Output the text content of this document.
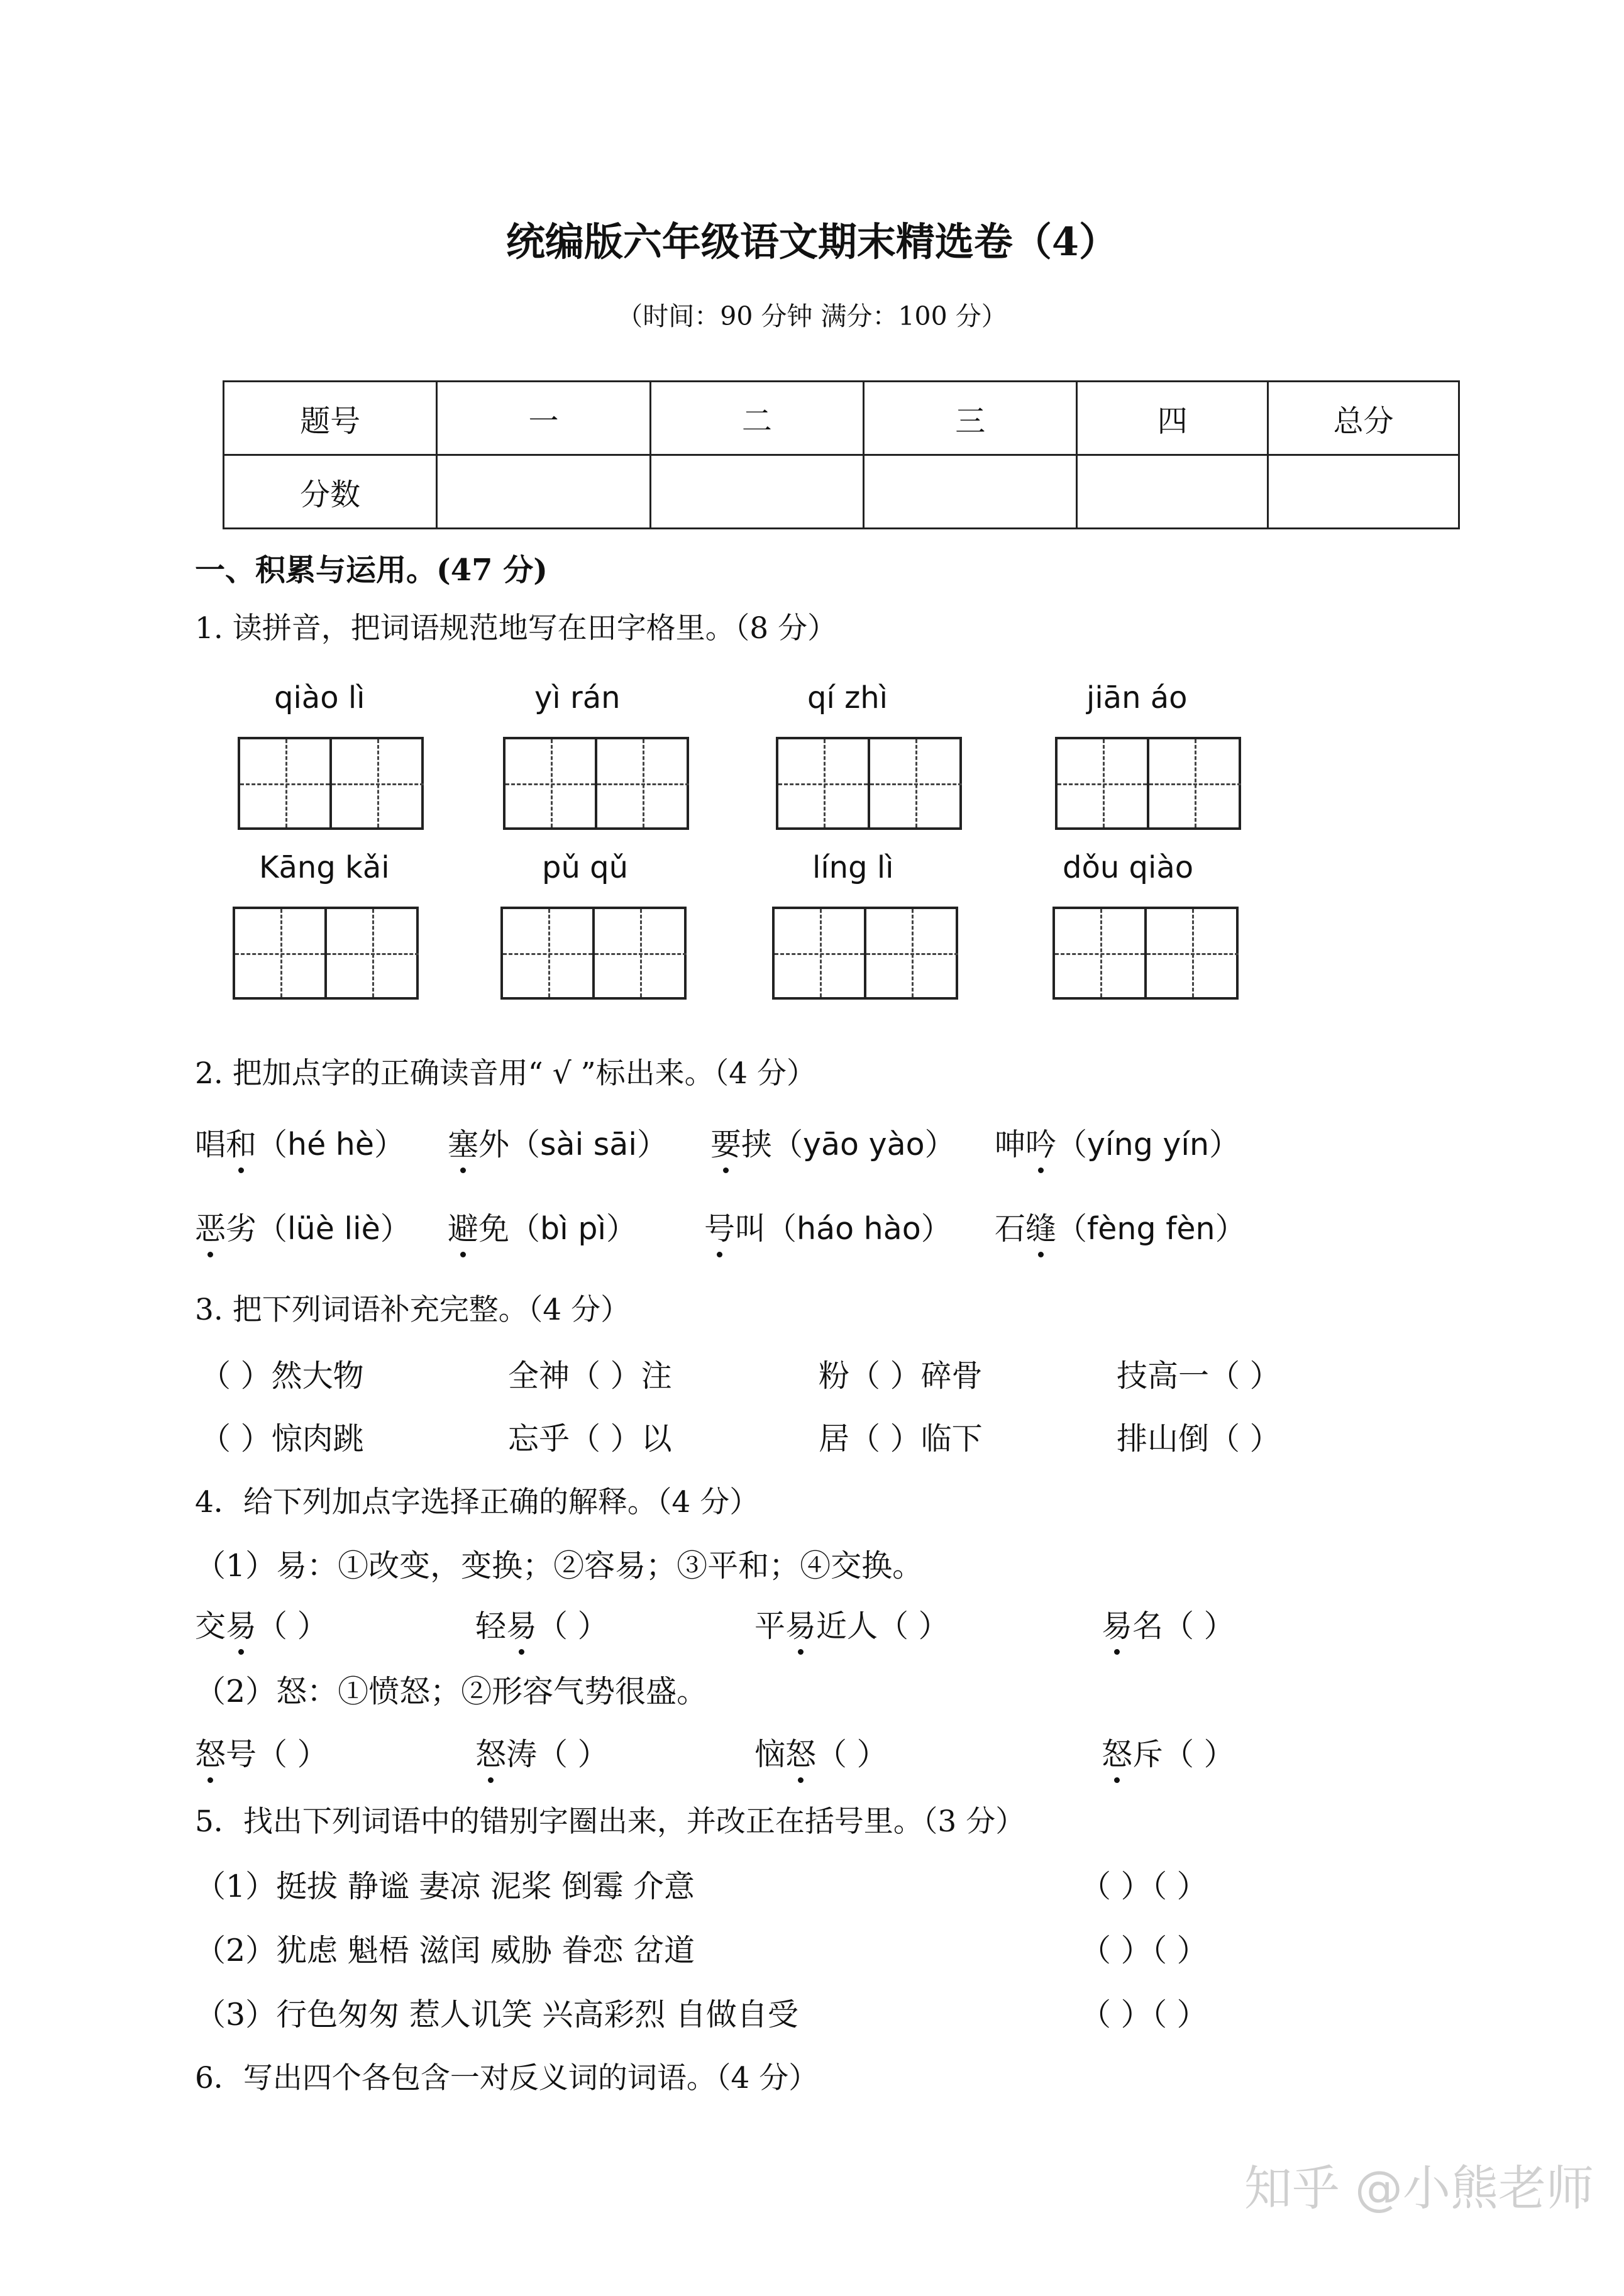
统编版六年级语文期末精选卷（4）
（时间：90 分钟 满分：100 分）
题号	一	二	三	四	总分
分数					
一、积累与运用。(47 分)
1. 读拼音，把词语规范地写在田字格里。（8 分）
qiào lì	yì rán	qí zhì	jiān áo
Kāng kǎi	pǔ qǔ	líng lì	dǒu qiào
2. 把加点字的正确读音用“ √ ”标出来。（4 分）
唱和（hé hè） 塞外（sài sāi） 要挟（yāo yào） 呻吟（yíng yín）
恶劣（lüè liè） 避免（bì pì） 号叫（háo hào） 石缝（fèng fèn）
3. 把下列词语补充完整。（4 分）
（ ）然大物	全神（ ）注	粉（ ）碎骨	技高一（ ）
（ ）惊肉跳	忘乎（ ）以	居（ ）临下	排山倒（ ）
4．给下列加点字选择正确的解释。（4 分）
（1）易：①改变，变换；②容易；③平和；④交换。
交易（ ）	轻易（ ）	平易近人（ ）	易名（ ）
（2）怒：①愤怒；②形容气势很盛。
怒号（ ）	怒涛（ ）	恼怒（ ）	怒斥（ ）
5．找出下列词语中的错别字圈出来，并改正在括号里。（3 分）
（1）挺拔 静谧 妻凉 泥桨 倒霉 介意	（ ）（ ）
（2）犹虑 魁梧 滋闰 威胁 眷恋 岔道	（ ）（ ）
（3）行色匆匆 惹人讥笑 兴高彩烈 自做自受	（ ）（ ）
6．写出四个各包含一对反义词的词语。（4 分）
知乎 @小熊老师
